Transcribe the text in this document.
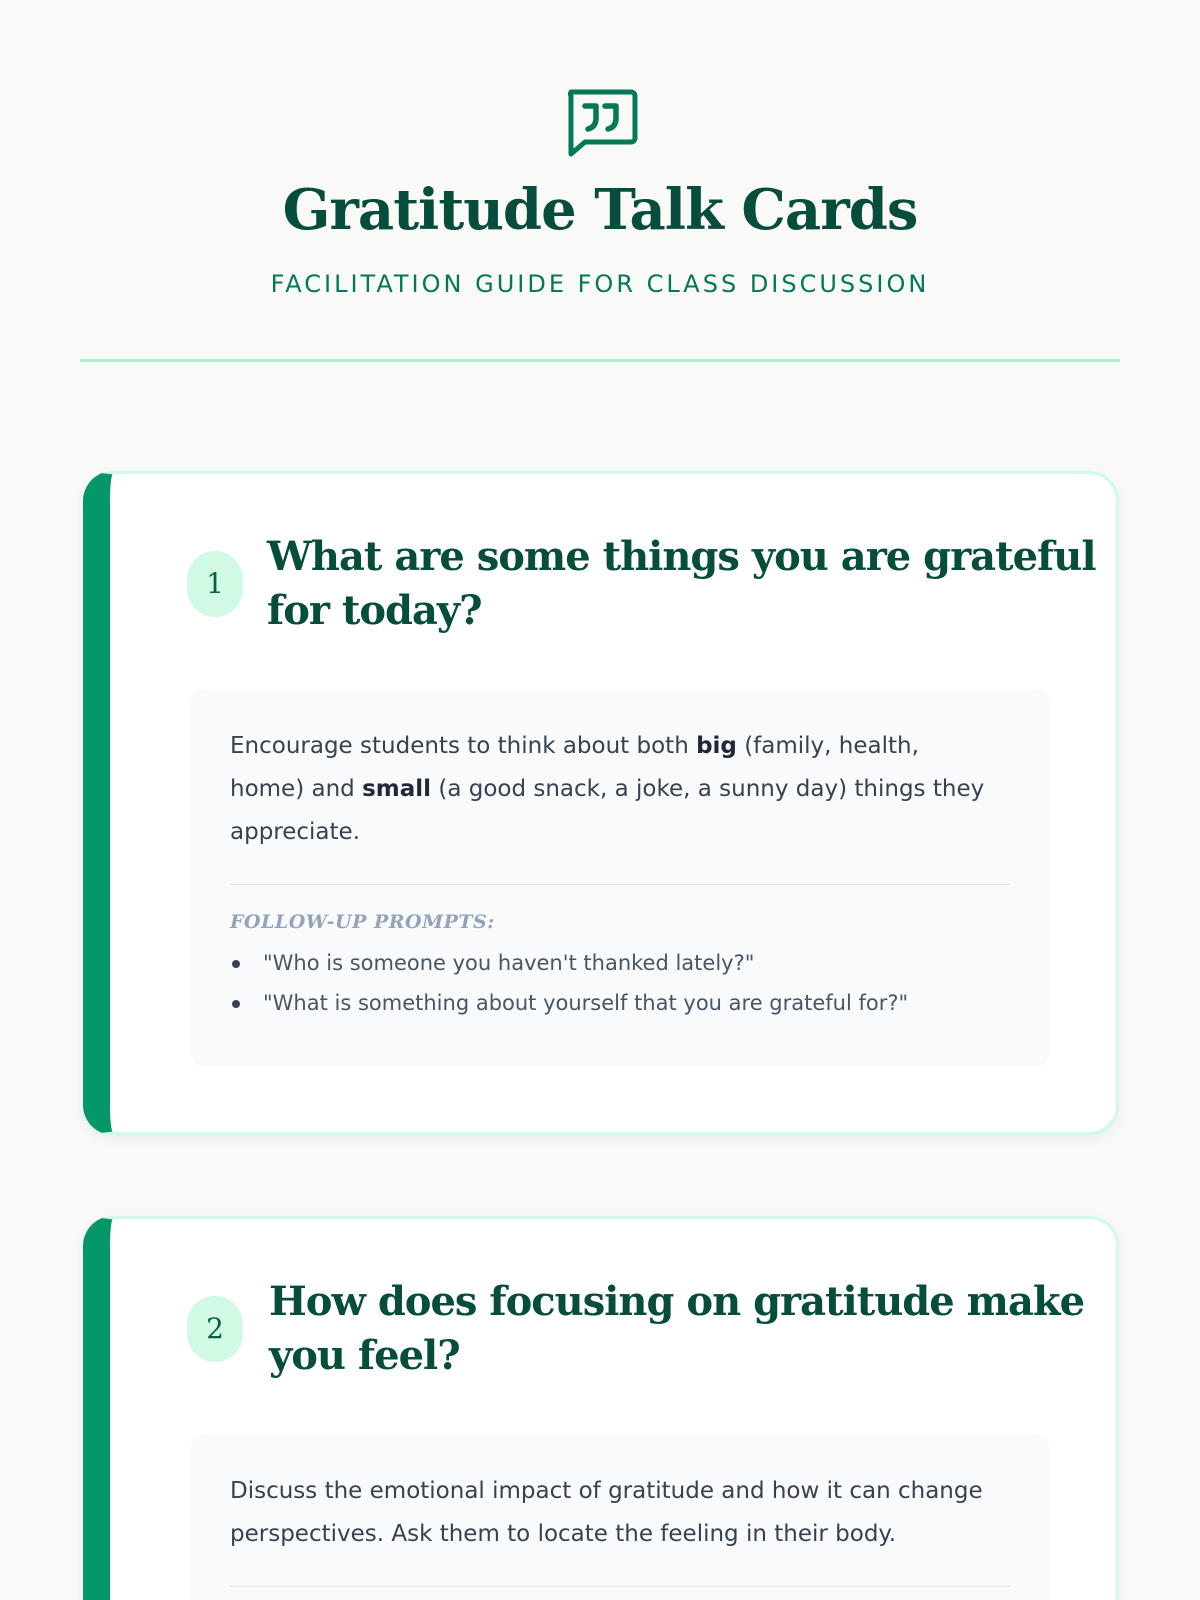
Gratitude Talk Cards
FACILITATION GUIDE FOR CLASS DISCUSSION
1
What are some things you are grateful
for today?
Encourage students to think about both big (family, health,
home) and small (a good snack, a joke, a sunny day) things they
appreciate.
FOLLOW-UP PROMPTS:
"Who is someone you haven't thanked lately?"
"What is something about yourself that you are grateful for?"
2
How does focusing on gratitude make
you feel?
Discuss the emotional impact of gratitude and how it can change
perspectives. Ask them to locate the feeling in their body.
